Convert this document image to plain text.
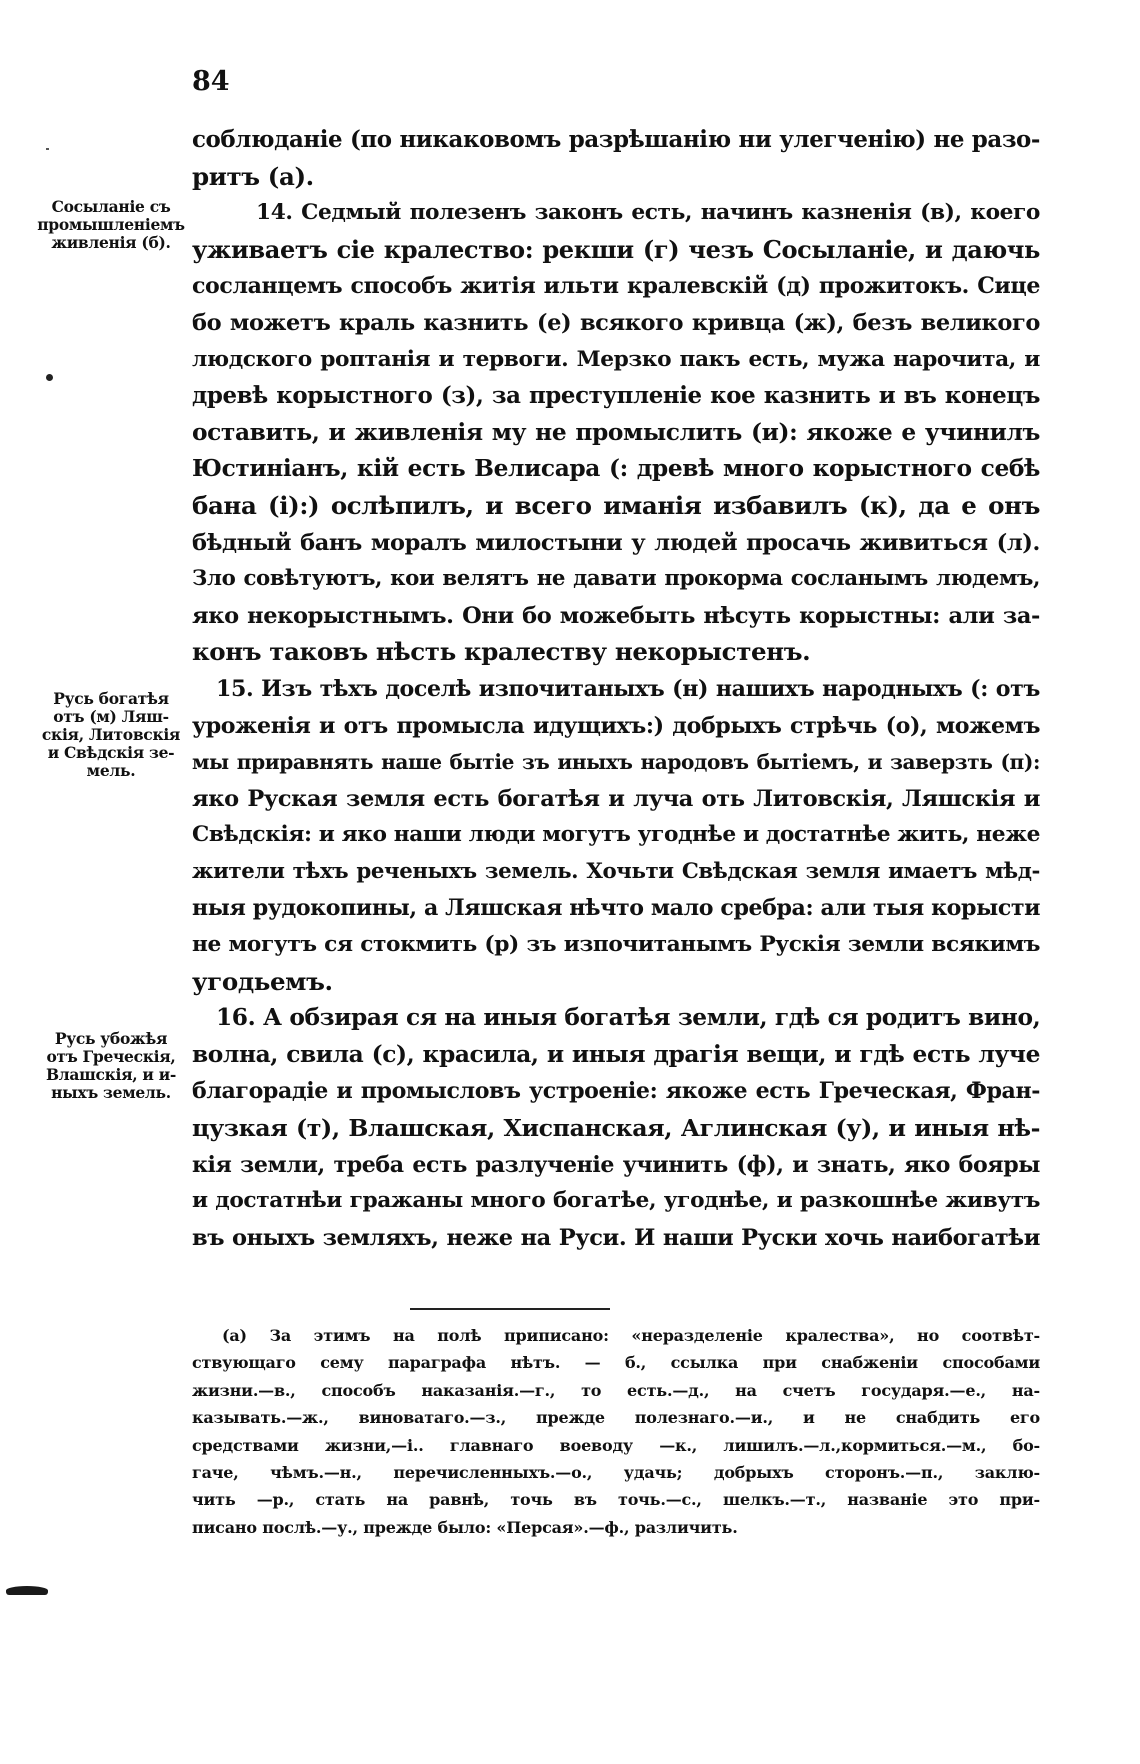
84
Сосыланіе съ
промышленіемъ
живленія (б).
Русь богатѣя
отъ (м) Ляш-
скія, Литовскія
и Свѣдскія зе-
мель.
Русь убожѣя
отъ Греческія,
Влашскія, и и-
ныхъ земель.
соблюданіе (по никаковомъ разрѣшанію ни улегченію) не разо-
ритъ (а).
14. Седмый полезенъ законъ есть, начинъ казненія (в), коего
уживаетъ сіе кралество: рекши (г) чезъ Сосыланіе, и даючь
сосланцемъ способъ житія ильти кралевскій (д) прожитокъ. Сице
бо можетъ краль казнить (е) всякого кривца (ж), безъ великого
людского роптанія и тервоги. Мерзко пакъ есть, мужа нарочита, и
древѣ корыстного (з), за преступленіе кое казнить и въ конецъ
оставить, и живленія му не промыслить (и): якоже е учинилъ
Юстиніанъ, кій есть Велисара (: древѣ много корыстного себѣ
бана (і):) ослѣпилъ, и всего иманія избавилъ (к), да е онъ
бѣдный банъ моралъ милостыни у людей просачь живиться (л).
Зло совѣтуютъ, кои велятъ не давати прокорма сосланымъ людемъ,
яко некорыстнымъ. Они бо можебыть нѣсуть корыстны: али за-
конъ таковъ нѣсть кралеству некорыстенъ.
15. Изъ тѣхъ доселѣ изпочитаныхъ (н) нашихъ народныхъ (: отъ
уроженія и отъ промысла идущихъ:) добрыхъ стрѣчь (о), можемъ
мы приравнять наше бытіе зъ иныхъ народовъ бытіемъ, и заверзть (п):
яко Руская земля есть богатѣя и луча оть Литовскія, Ляшскія и
Свѣдскія: и яко наши люди могутъ угоднѣе и достатнѣе жить, неже
жители тѣхъ реченыхъ земель. Хочьти Свѣдская земля имаетъ мѣд-
ныя рудокопины, а Ляшская нѣчто мало сребра: али тыя корысти
не могутъ ся стокмить (р) зъ изпочитанымъ Рускія земли всякимъ
угодьемъ.
16. А обзирая ся на иныя богатѣя земли, гдѣ ся родитъ вино,
волна, свила (с), красила, и иныя драгія вещи, и гдѣ есть луче
благорадіе и промысловъ устроеніе: якоже есть Греческая, Фран-
цузкая (т), Влашская, Хиспанская, Аглинская (у), и иныя нѣ-
кія земли, треба есть разлученіе учинить (ф), и знать, яко бояры
и достатнѣи гражаны много богатѣе, угоднѣе, и разкошнѣе живутъ
въ оныхъ земляхъ, неже на Руси. И наши Руски хочь наибогатѣи
(а) За этимъ на полѣ приписано: «неразделеніе кралества», но соотвѣт-
ствующаго сему параграфа нѣтъ. — б., ссылка при снабженіи способами
жизни.—в., способъ наказанія.—г., то есть.—д., на счетъ государя.—е., на-
казывать.—ж., виноватаго.—з., прежде полезнаго.—и., и не снабдить его
средствами жизни,—і.. главнаго воеводу —к., лишилъ.—л.,кормиться.—м., бо-
гаче, чѣмъ.—н., перечисленныхъ.—о., удачь; добрыхъ сторонъ.—п., заклю-
чить —р., стать на равнѣ, точь въ точь.—с., шелкъ.—т., названіе это при-
писано послѣ.—у., прежде было: «Персая».—ф., различить.
